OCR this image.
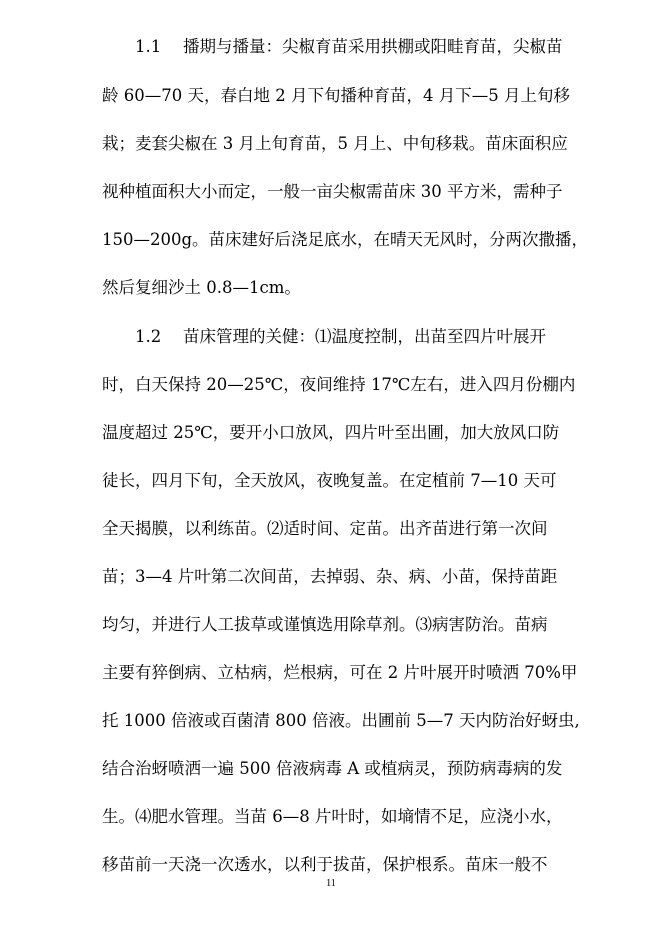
　　1.1　 播期与播量：尖椒育苗采用拱棚或阳畦育苗，尖椒苗
龄 60—70 天，春白地 2 月下旬播种育苗，4 月下—5 月上旬移
栽；麦套尖椒在 3 月上旬育苗，5 月上、中旬移栽。苗床面积应
视种植面积大小而定，一般一亩尖椒需苗床 30 平方米，需种子
150—200g。苗床建好后浇足底水，在晴天无风时，分两次撒播，
然后复细沙土 0.8—1cm。
　　1.2　 苗床管理的关健：⑴温度控制，出苗至四片叶展开
时，白天保持 20—25℃，夜间维持 17℃左右，进入四月份棚内
温度超过 25℃，要开小口放风，四片叶至出圃，加大放风口防
徒长，四月下旬，全天放风，夜晚复盖。在定植前 7—10 天可
全天揭膜，以利练苗。⑵适时间、定苗。出齐苗进行第一次间
苗；3—4 片叶第二次间苗，去掉弱、杂、病、小苗，保持苗距
均匀，并进行人工拔草或谨慎选用除草剂。⑶病害防治。苗病
主要有猝倒病、立枯病，烂根病，可在 2 片叶展开时喷洒 70%甲
托 1000 倍液或百菌清 800 倍液。出圃前 5—7 天内防治好蚜虫,
结合治蚜喷洒一遍 500 倍液病毒 A 或植病灵，预防病毒病的发
生。⑷肥水管理。当苗 6—8 片叶时，如墒情不足，应浇小水，
移苗前一天浇一次透水，以利于拔苗，保护根系。苗床一般不
11
